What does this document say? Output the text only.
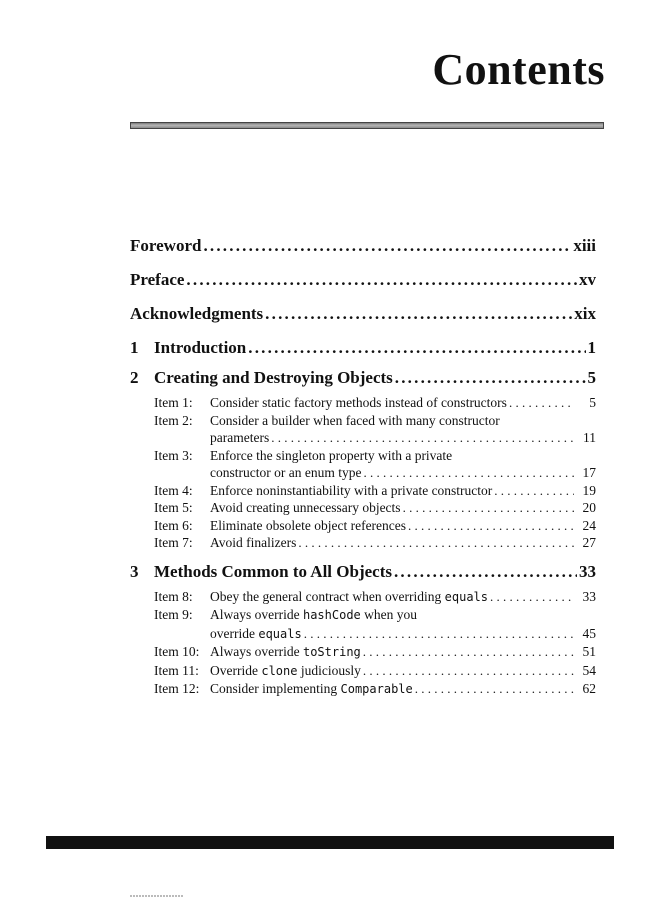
Contents
Foreword .....	xiii
Preface .....	xv
Acknowledgments .....	xix
1 Introduction .....	1
2 Creating and Destroying Objects .....	5
Item 1:	Consider static factory methods instead of constructors . . .	5
Item 2:	Consider a builder when faced with many constructor
parameters . . .	11
Item 3:	Enforce the singleton property with a private
constructor or an enum type . . .	17
Item 4:	Enforce noninstantiability with a private constructor . . .	19
Item 5:	Avoid creating unnecessary objects . . .	20
Item 6:	Eliminate obsolete object references . . .	24
Item 7:	Avoid finalizers . . .	27
3 Methods Common to All Objects .....	33
Item 8:	Obey the general contract when overriding equals . . .	33
Item 9:	Always override hashCode when you
override equals . . .	45
Item 10: Always override toString . . .	51
Item 11: Override clone judiciously . . .	54
Item 12: Consider implementing Comparable . . .	62
